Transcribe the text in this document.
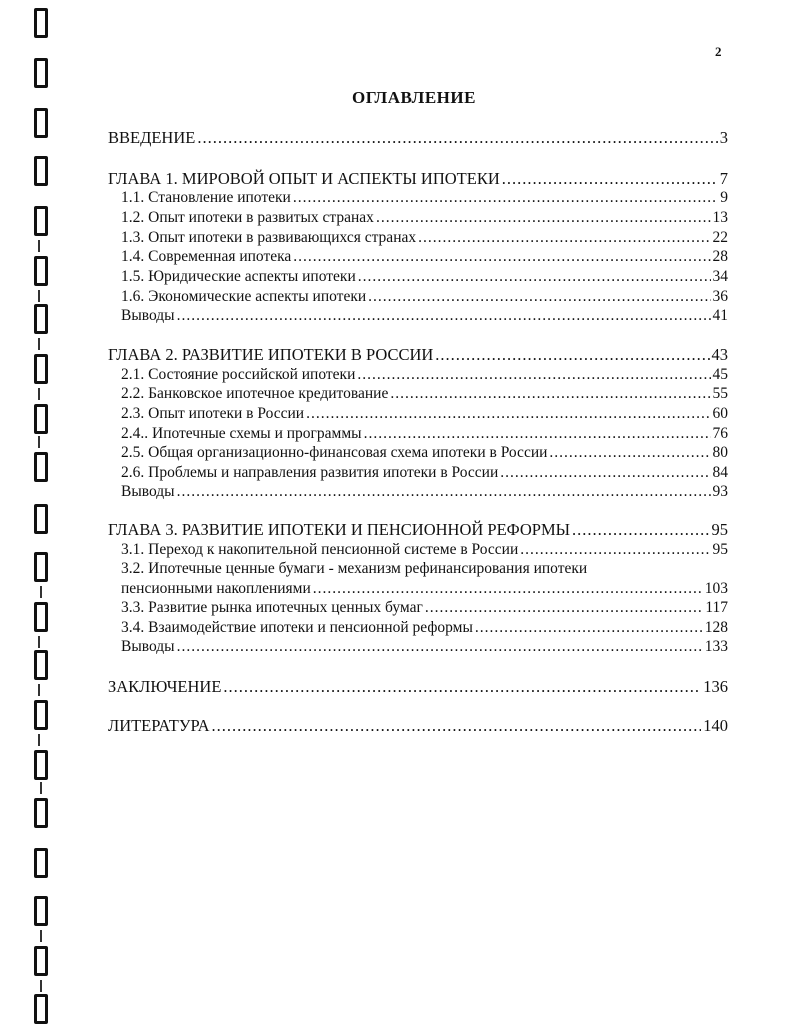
2
ОГЛАВЛЕНИЕ
ВВЕДЕНИЕ .....	3
ГЛАВА 1. МИРОВОЙ ОПЫТ И АСПЕКТЫ ИПОТЕКИ .....	7
1.1. Становление ипотеки .....	9
1.2. Опыт ипотеки в развитых странах .....	13
1.3. Опыт ипотеки в развивающихся странах .....	22
1.4. Современная ипотека .....	28
1.5. Юридические аспекты ипотеки .....	34
1.6. Экономические аспекты ипотеки .....	36
Выводы .....	41
ГЛАВА 2. РАЗВИТИЕ ИПОТЕКИ В РОССИИ .....	43
2.1. Состояние российской ипотеки .....	45
2.2. Банковское ипотечное кредитование .....	55
2.3. Опыт ипотеки в России .....	60
2.4.. Ипотечные схемы и программы .....	76
2.5. Общая организационно-финансовая схема ипотеки в России .....	80
2.6. Проблемы и направления развития ипотеки в России .....	84
Выводы .....	93
ГЛАВА 3. РАЗВИТИЕ ИПОТЕКИ И ПЕНСИОННОЙ РЕФОРМЫ .....	95
3.1. Переход к накопительной пенсионной системе в России .....	95
3.2. Ипотечные ценные бумаги - механизм рефинансирования ипотеки
пенсионными накоплениями .....	103
3.3. Развитие рынка ипотечных ценных бумаг .....	117
3.4. Взаимодействие ипотеки и пенсионной реформы .....	128
Выводы .....	133
ЗАКЛЮЧЕНИЕ .....	136
ЛИТЕРАТУРА .....	140
